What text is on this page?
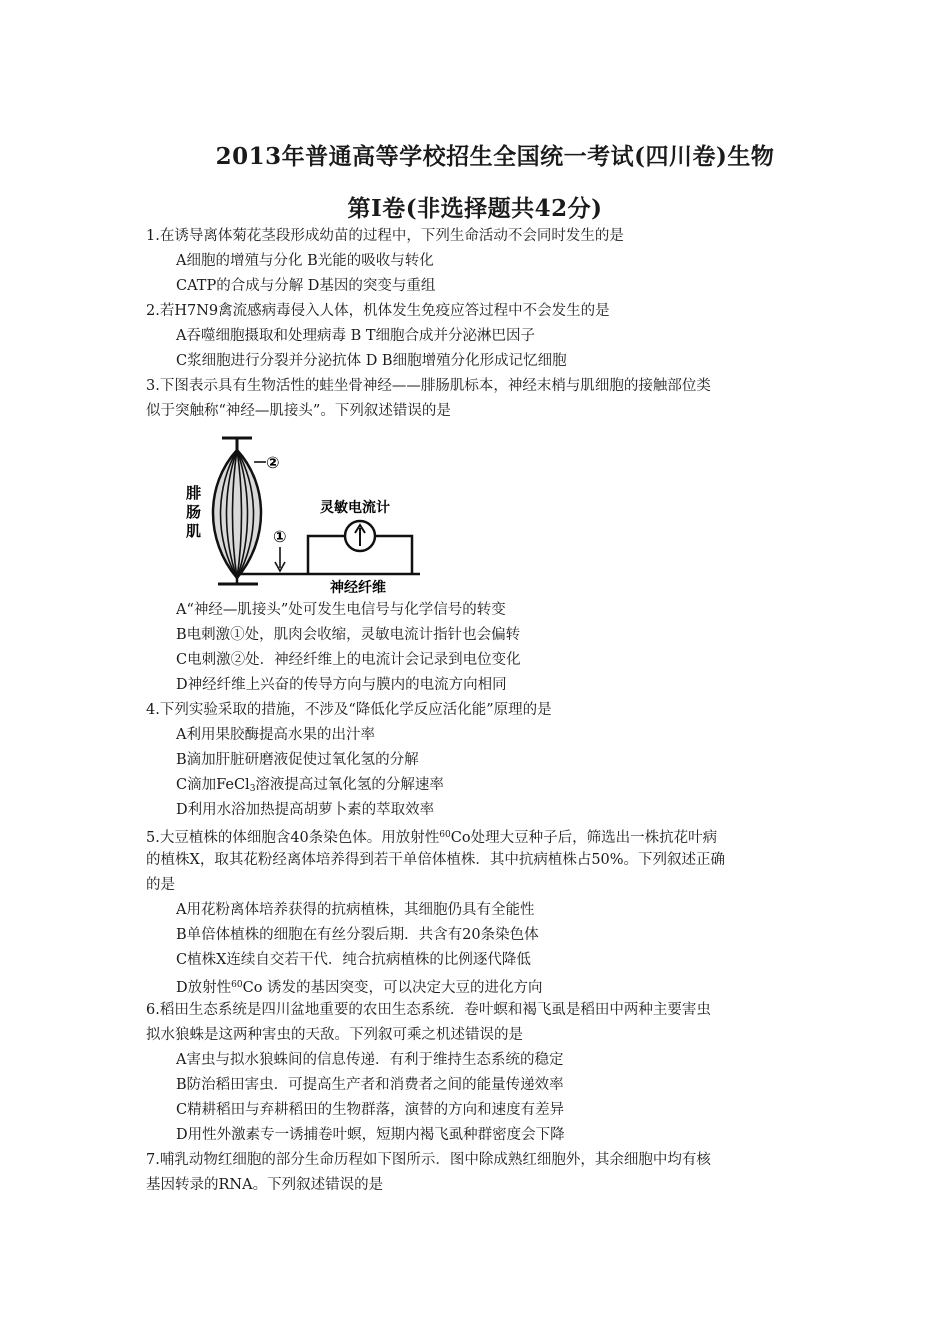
2013年普通高等学校招生全国统一考试(四川卷)生物
第Ⅰ卷(非选择题共42分)
1.在诱导离体菊花茎段形成幼苗的过程中，下列生命活动不会同时发生的是
A细胞的增殖与分化 B光能的吸收与转化
CATP的合成与分解 D基因的突变与重组
2.若H7N9禽流感病毒侵入人体，机体发生免疫应答过程中不会发生的是
A吞噬细胞摄取和处理病毒 B T细胞合成并分泌淋巴因子
C浆细胞进行分裂并分泌抗体 D B细胞增殖分化形成记忆细胞
3.下图表示具有生物活性的蛙坐骨神经——腓肠肌标本，神经末梢与肌细胞的接触部位类
似于突触称“神经—肌接头”。下列叙述错误的是
②
腓
肠
肌	①
灵敏电流计
神经纤维
A“神经—肌接头”处可发生电信号与化学信号的转变
B电刺激①处，肌肉会收缩，灵敏电流计指针也会偏转
C电刺激②处．神经纤维上的电流计会记录到电位变化
D神经纤维上兴奋的传导方向与膜内的电流方向相同
4.下列实验采取的措施，不涉及“降低化学反应活化能”原理的是
A利用果胶酶提高水果的出汁率
B滴加肝脏研磨液促使过氧化氢的分解
C滴加FeCl$_3$溶液提高过氧化氢的分解速率
D利用水浴加热提高胡萝卜素的萃取效率
5.大豆植株的体细胞含40条染色体。用放射性$^{60}$Co处理大豆种子后，筛选出一株抗花叶病
的植株X，取其花粉经离体培养得到若干单倍体植株．其中抗病植株占50%。下列叙述正确
的是
A用花粉离体培养获得的抗病植株，其细胞仍具有全能性
B单倍体植株的细胞在有丝分裂后期．共含有20条染色体
C植株X连续自交若干代．纯合抗病植株的比例逐代降低
D放射性$^{60}$Co 诱发的基因突变，可以决定大豆的进化方向
6.稻田生态系统是四川盆地重要的农田生态系统．卷叶螟和褐飞虱是稻田中两种主要害虫
拟水狼蛛是这两种害虫的天敌。下列叙可乘之机述错误的是
A害虫与拟水狼蛛间的信息传递．有利于维持生态系统的稳定
B防治稻田害虫．可提高生产者和消费者之间的能量传递效率
C精耕稻田与弃耕稻田的生物群落，演替的方向和速度有差异
D用性外激素专一诱捕卷叶螟，短期内褐飞虱种群密度会下降
7.哺乳动物红细胞的部分生命历程如下图所示．图中除成熟红细胞外，其余细胞中均有核
基因转录的RNA。下列叙述错误的是
